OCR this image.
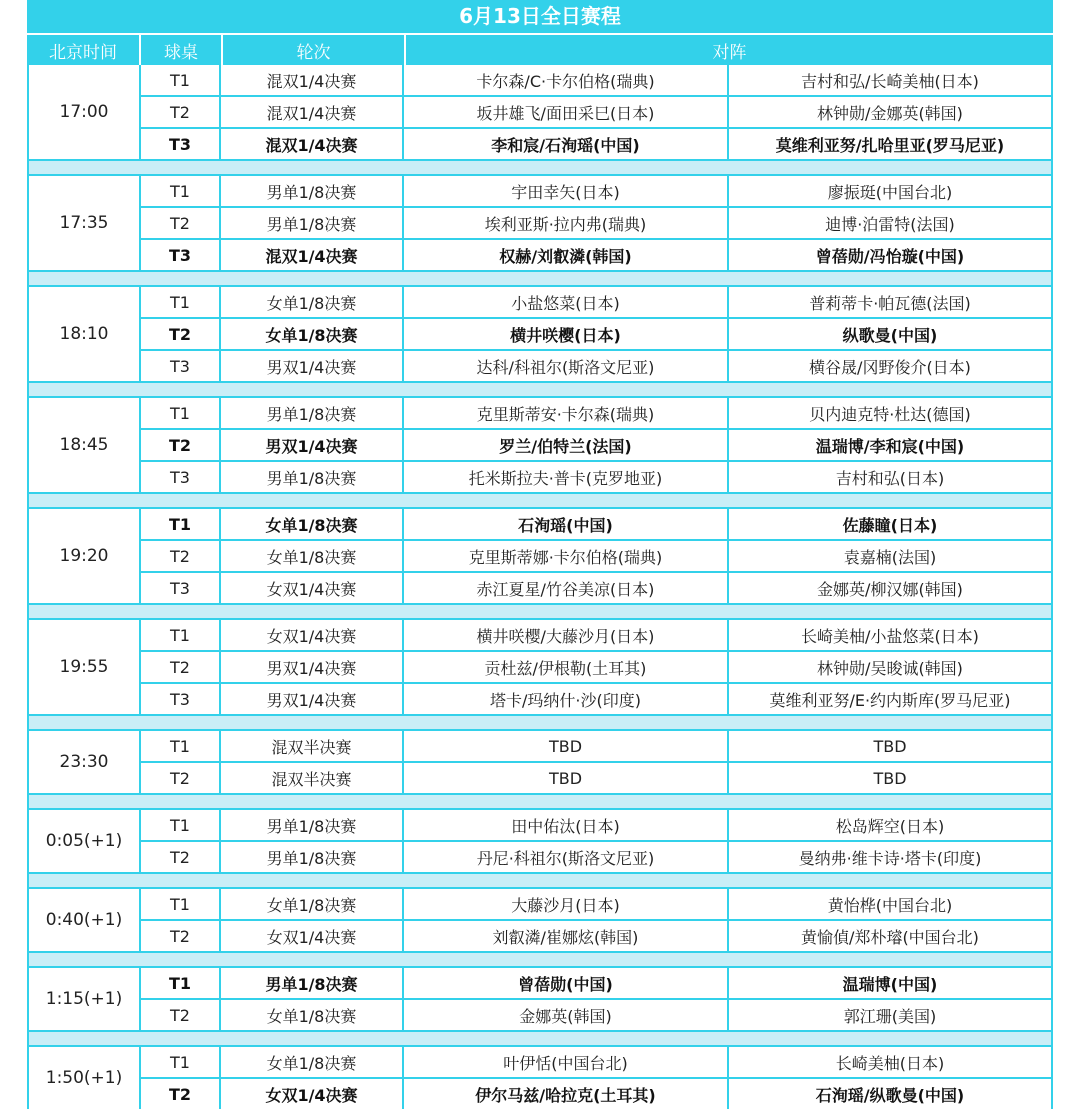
6月13日全日赛程
北京时间	球桌	轮次	对阵
17:00
T1	混双1/4决赛	卡尔森/C·卡尔伯格(瑞典)	吉村和弘/长崎美柚(日本)
T2	混双1/4决赛	坂井雄飞/面田采巳(日本)	林钟勋/金娜英(韩国)
T3	混双1/4决赛	李和宸/石洵瑶(中国)	莫维利亚努/扎哈里亚(罗马尼亚)
17:35
T1	男单1/8决赛	宇田幸矢(日本)	廖振珽(中国台北)
T2	男单1/8决赛	埃利亚斯·拉内弗(瑞典)	迪博·泊雷特(法国)
T3	混双1/4决赛	权赫/刘叡潾(韩国)	曾蓓勋/冯怡璇(中国)
18:10
T1	女单1/8决赛	小盐悠菜(日本)	普莉蒂卡·帕瓦德(法国)
T2	女单1/8决赛	横井咲樱(日本)	纵歌曼(中国)
T3	男双1/4决赛	达科/科祖尔(斯洛文尼亚)	横谷晟/冈野俊介(日本)
18:45
T1	男单1/8决赛	克里斯蒂安·卡尔森(瑞典)	贝内迪克特·杜达(德国)
T2	男双1/4决赛	罗兰/伯特兰(法国)	温瑞博/李和宸(中国)
T3	男单1/8决赛	托米斯拉夫·普卡(克罗地亚)	吉村和弘(日本)
19:20
T1	女单1/8决赛	石洵瑶(中国)	佐藤瞳(日本)
T2	女单1/8决赛	克里斯蒂娜·卡尔伯格(瑞典)	袁嘉楠(法国)
T3	女双1/4决赛	赤江夏星/竹谷美凉(日本)	金娜英/柳汉娜(韩国)
19:55
T1	女双1/4决赛	横井咲樱/大藤沙月(日本)	长崎美柚/小盐悠菜(日本)
T2	男双1/4决赛	贡杜兹/伊根勒(土耳其)	林钟勋/吴晙诚(韩国)
T3	男双1/4决赛	塔卡/玛纳什·沙(印度)	莫维利亚努/E·约内斯库(罗马尼亚)
23:30
T1	混双半决赛	TBD	TBD
T2	混双半决赛	TBD	TBD
0:05(+1)
T1	男单1/8决赛	田中佑汰(日本)	松岛辉空(日本)
T2	男单1/8决赛	丹尼·科祖尔(斯洛文尼亚)	曼纳弗·维卡诗·塔卡(印度)
0:40(+1)
T1	女单1/8决赛	大藤沙月(日本)	黄怡桦(中国台北)
T2	女双1/4决赛	刘叡潾/崔娜炫(韩国)	黄愉偵/郑朴璿(中国台北)
1:15(+1)
T1	男单1/8决赛	曾蓓勋(中国)	温瑞博(中国)
T2	女单1/8决赛	金娜英(韩国)	郭江珊(美国)
1:50(+1)
T1	女单1/8决赛	叶伊恬(中国台北)	长崎美柚(日本)
T2	女双1/4决赛	伊尔马兹/哈拉克(土耳其)	石洵瑶/纵歌曼(中国)
